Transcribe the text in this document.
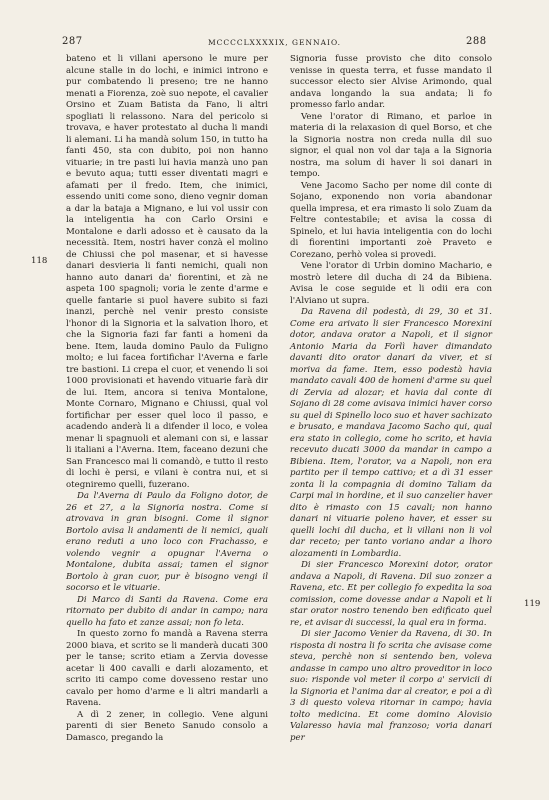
287	MCCCCLXXXXIX, GENNAIO.	288
118
119

bateno et li villani apersono le mure per alcune stalle in do lochi, e inimici introno e pur combatendo li preseno; tre ne hanno menati a Fiorenza, zoè suo nepote, el cavalier Orsino et Zuam Batista da Fano, li altri spogliati li relassono. Nara del pericolo si trovava, e haver protestato al ducha li mandi li alemani. Li ha mandà solum 150, in tutto ha fanti 450, sta con dubito, poi non hanno vituarie; in tre pasti lui havia manzà uno pan e bevuto aqua; tutti esser diventati magri e afamati per il fredo. Item, che inimici, essendo uniti come sono, dieno vegnir doman a dar la bataja a Mignano, e lui vol ussir con la inteligentia ha con Carlo Orsini e Montalone e darli adosso et è causato da la necessità. Item, nostri haver conzà el molino de Chiussi che pol masenar, et si havesse danari desvieria li fanti nemichi, quali non hanno auto danari da' fiorentini, et zà ne aspeta 100 spagnoli; voria le zente d'arme e quelle fantarie si puol havere subito si fazi inanzi, perchè nel venir presto consiste l'honor di la Signoria et la salvation lhoro, et che la Signoria fazi far fanti a homeni da bene. Item, lauda domino Paulo da Fuligno molto; e lui facea fortifichar l'Averna e farle tre bastioni. Li crepa el cuor, et venendo li soi 1000 provisionati et havendo vituarie farà dir de lui. Item, ancora si teniva Montalone, Monte Cornaro, Mignano e Chiussi, qual vol fortifichar per esser quel loco il passo, e acadendo anderà li a difender il loco, e volea menar li spagnuoli et alemani con si, e lassar li italiani a l'Averna. Item, faceano dezuni che San Francesco mai li comandò, e tutto il resto di lochi è persi, e vilani è contra nui, et si otegniremo quelli, fuzerano.

Da l'Averna di Paulo da Foligno dotor, de 26 et 27, a la Signoria nostra. Come si atrovava in gran bisogni. Come il signor Bortolo avisa li andamenti de li nemici, quali erano reduti a uno loco con Frachasso, e volendo vegnir a opugnar l'Averna o Montalone, dubita assai; tamen el signor Bortolo à gran cuor, pur è bisogno vengi il socorso et le vituarie.

Di Marco di Santi da Ravena. Come era ritornato per dubito di andar in campo; nara quello ha fato et zanze assai; non fo leta.

In questo zorno fo mandà a Ravena sterra 2000 biava, et scrito se li manderà ducati 300 per le tanse; scrito etiam a Zervia dovesse acetar li 400 cavalli e darli alozamento, et scrito iti campo come dovesseno restar uno cavalo per homo d'arme e li altri mandarli a Ravena.

A dì 2 zener, in collegio. Vene alguni parenti di sier Beneto Sanudo consolo a Damasco, pregando la

Signoria fusse provisto che dito consolo venisse in questa terra, et fusse mandato il successor electo sier Alvise Arimondo, qual andava longando la sua andata; li fo promesso farlo andar.

Vene l'orator di Rimano, et parloe in materia di la relaxasion di quel Borso, et che la Signoria nostra non creda nulla dil suo signor, el qual non vol dar taja a la Signoria nostra, ma solum di haver li soi danari in tempo.

Vene Jacomo Sacho per nome dil conte di Sojano, exponendo non voria abandonar quella impresa, et era rimasto li solo Zuam da Feltre contestabile; et avisa la cossa di Spinelo, et lui havia inteligentia con do lochi di fiorentini importanti zoè Praveto e Corezano, perhò volea si provedi.

Vene l'orator di Urbin domino Machario, e mostrò letere dil ducha di 24 da Bibiena. Avisa le cose seguide et li odii era con l'Alviano ut supra.

Da Ravena dil podestà, di 29, 30 et 31. Come era arivato li sier Francesco Morexini dotor, andava orator a Napoli, et il signor Antonio Maria da Forlì haver dimandato davanti dito orator danari da viver, et si moriva da fame. Item, esso podestà havia mandato cavali 400 de homeni d'arme su quel di Zervia ad alozar; et havia dal conte di Sojano di 28 come avisava inimici haver corso su quel di Spinello loco suo et haver sachizato e brusato, e mandava Jacomo Sacho qui, qual era stato in collegio, come ho scrito, et havia recevuto ducati 3000 da mandar in campo a Bibiena. Item, l'orator, va a Napoli, non era partito per il tempo cattivo; et a dì 31 esser zonta li la compagnia di domino Taliam da Carpi mal in hordine, et il suo canzelier haver dito è rimasto con 15 cavali; non hanno danari ni vituarie poleno haver, et esser su quelli lochi dil ducha, et li villani non li vol dar receto; per tanto voriano andar a lhoro alozamenti in Lombardia.

Di sier Francesco Morexini dotor, orator andava a Napoli, di Ravena. Dil suo zonzer a Ravena, etc. Et per collegio fo expedita la soa comission, come dovesse andar a Napoli et li star orator nostro tenendo ben edificato quel re, et avisar di successi, la qual era in forma.

Di sier Jacomo Venier da Ravena, di 30. In risposta di nostra li fo scrita che avisase come steva, perchè non si sentendo ben, voleva andasse in campo uno altro proveditor in loco suo: risponde vol meter il corpo a' servicii di la Signoria et l'anima dar al creator, e poi a dì 3 di questo voleva ritornar in campo; havia tolto medicina. Et come domino Alovisio Valaresso havia mal franzoso; voria danari per
